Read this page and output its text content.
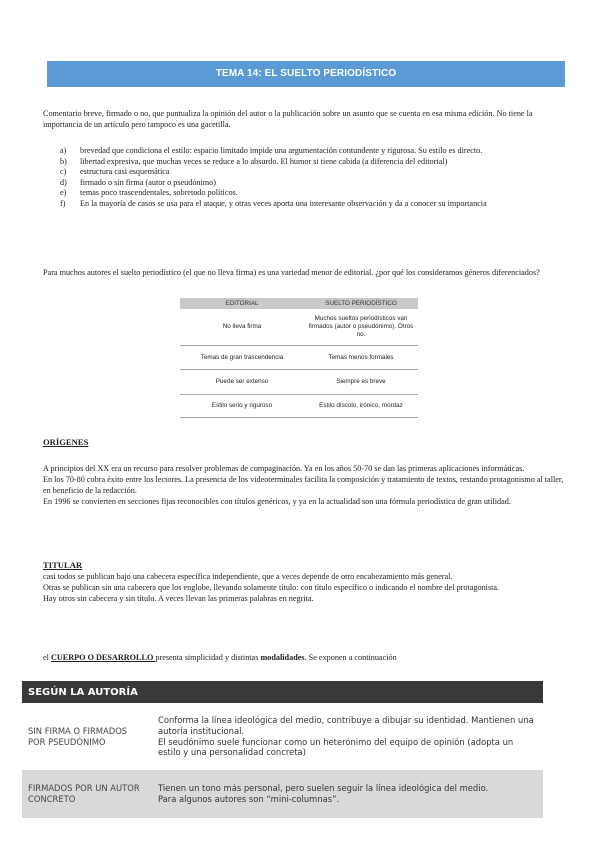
TEMA 14: EL SUELTO PERIODÍSTICO
Comentario breve, firmado o no, que puntualiza la opinión del autor o la publicación sobre un asunto que se cuenta en esa misma edición. No tiene la importancia de un artículo pero tampoco es una gacetilla.
a) brevedad que condiciona el estilo: espacio limitado impide una argumentación contundente y rigurosa. Su estilo es directo.
b) libertad expresiva, que muchas veces se reduce a lo absurdo. El humor si tiene cabida (a diferencia del editorial)
c) estructura casi esquemática
d) firmado o sin firma (autor o pseudónimo)
e) temas poco trascendentales, sobretodo políticos.
f) En la mayoría de casos se usa para el ataque, y otras veces aporta una interesante observación y da a conocer su importancia
Para muchos autores el suelto periodístico (el que no lleva firma) es una variedad menor de editorial. ¿por qué los consideramos géneros diferenciados?
EDITORIAL	SUELTO PERIODÍSTICO
No lleva firma	Muchos sueltos periodísticos van firmados (autor o pseudónimo). Otros no.
Temas de gran trascendencia	Temas menos formales
Puede ser extenso	Siempre es breve
Estilo serio y riguroso	Estilo díscolo, irónico, mordaz
ORÍGENES
A principios del XX era un recurso para resolver problemas de compaginación. Ya en los años 50-70 se dan las primeras aplicaciones informáticas.
En los 70-80 cobra éxito entre los lectores. La presencia de los videoterminales facilita la composición y tratamiento de textos, restando protagonismo al taller, en beneficio de la redacción.
En 1996 se convierten en secciones fijas reconocibles con títulos genéricos, y ya en la actualidad son una fórmula periodística de gran utilidad.
TITULAR
casi todos se publican bajo una cabecera específica independiente, que a veces depende de otro encabezamiento más general.
Otras se publican sin una cabecera que los englobe, llevando solamente título: con título específico o indicando el nombre del protagonista.
Hay otros sin cabecera y sin título. A veces llevan las primeras palabras en negrita.
el CUERPO O DESARROLLO presenta simplicidad y distintas modalidades. Se exponen a continuación
SEGÚN LA AUTORÍA	
SIN FIRMA O FIRMADOS POR PSEUDÓNIMO	Conforma la línea ideológica del medio, contribuye a dibujar su identidad. Mantienen una autoría institucional.
El seudónimo suele funcionar como un heterónimo del equipo de opinión (adopta un estilo y una personalidad concreta)

FIRMADOS POR UN AUTOR CONCRETO	Tienen un tono más personal, pero suelen seguir la línea ideológica del medio.
Para algunos autores son “mini-columnas”.
